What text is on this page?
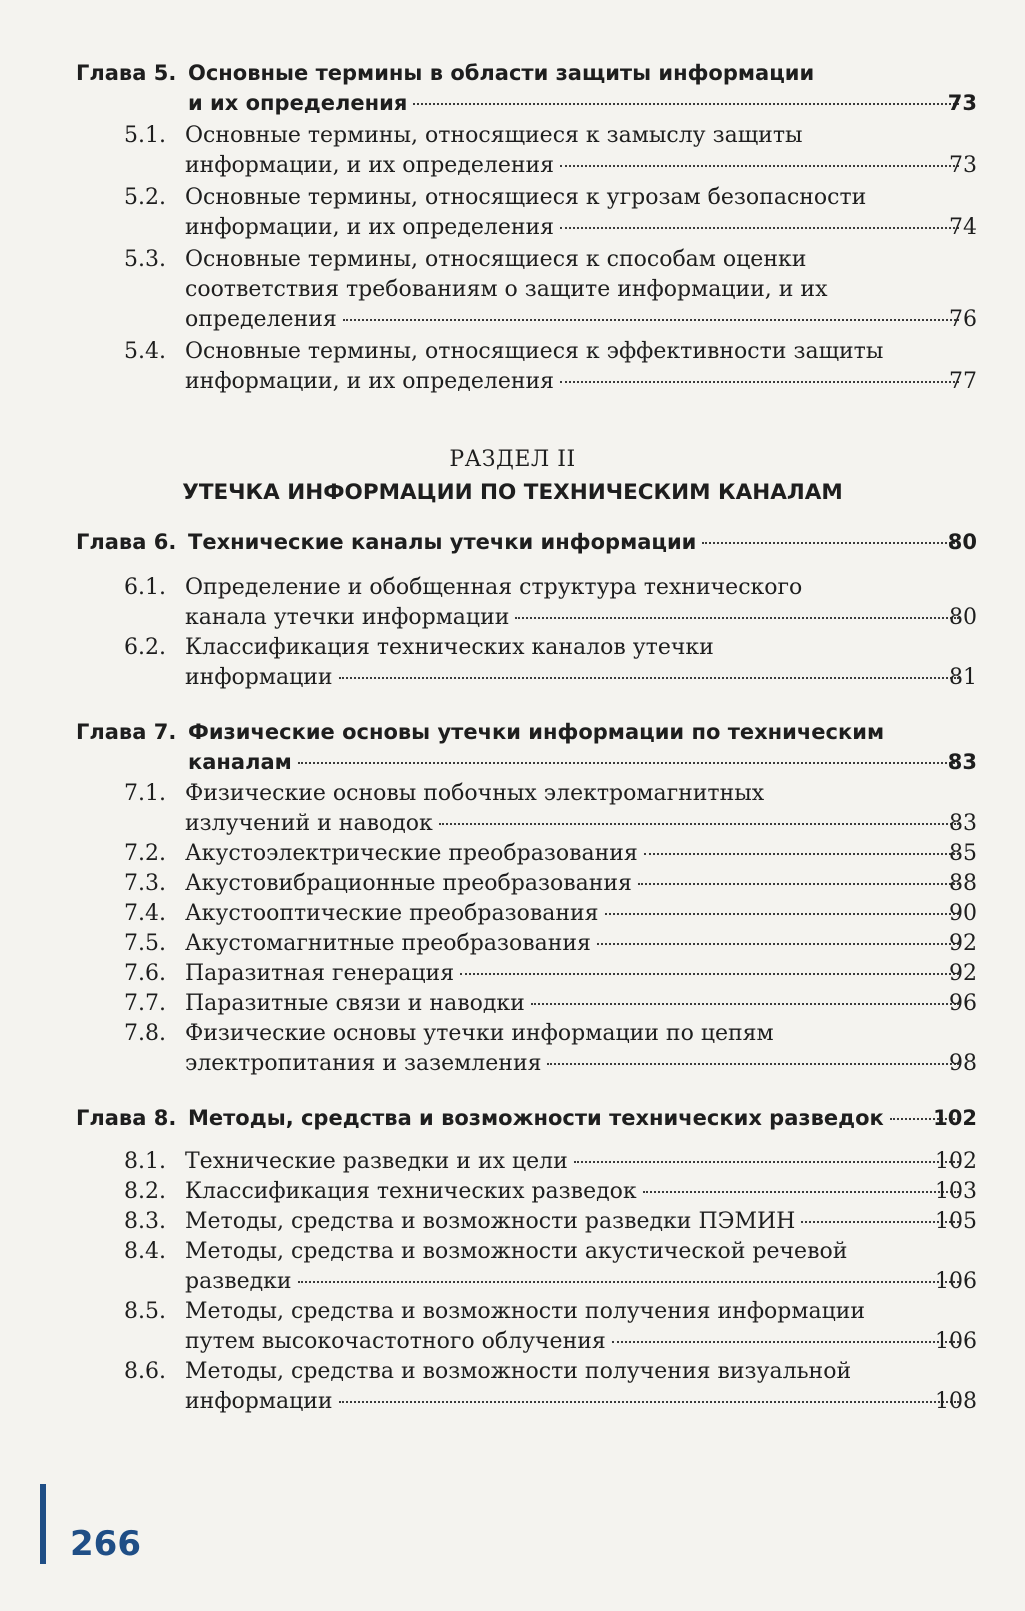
Глава 5. Основные термины в области защиты информации
и их определения	73
5.1. Основные термины, относящиеся к замыслу защиты
информации, и их определения	73
5.2. Основные термины, относящиеся к угрозам безопасности
информации, и их определения	74
5.3. Основные термины, относящиеся к способам оценки
соответствия требованиям о защите информации, и их
определения	76
5.4. Основные термины, относящиеся к эффективности защиты
информации, и их определения	77
РАЗДЕЛ II
УТЕЧКА ИНФОРМАЦИИ ПО ТЕХНИЧЕСКИМ КАНАЛАМ
Глава 6. Технические каналы утечки информации	80
6.1. Определение и обобщенная структура технического
канала утечки информации	80
6.2. Классификация технических каналов утечки
информации	81
Глава 7. Физические основы утечки информации по техническим
каналам	83
7.1. Физические основы побочных электромагнитных
излучений и наводок	83
7.2. Акустоэлектрические преобразования	85
7.3. Акустовибрационные преобразования	88
7.4. Акустооптические преобразования	90
7.5. Акустомагнитные преобразования	92
7.6. Паразитная генерация	92
7.7. Паразитные связи и наводки	96
7.8. Физические основы утечки информации по цепям
электропитания и заземления	98
Глава 8. Методы, средства и возможности технических разведок 102
8.1. Технические разведки и их цели	102
8.2. Классификация технических разведок	103
8.3. Методы, средства и возможности разведки ПЭМИН	105
8.4. Методы, средства и возможности акустической речевой
разведки	106
8.5. Методы, средства и возможности получения информации
путем высокочастотного облучения	106
8.6. Методы, средства и возможности получения визуальной
информации	108
266
